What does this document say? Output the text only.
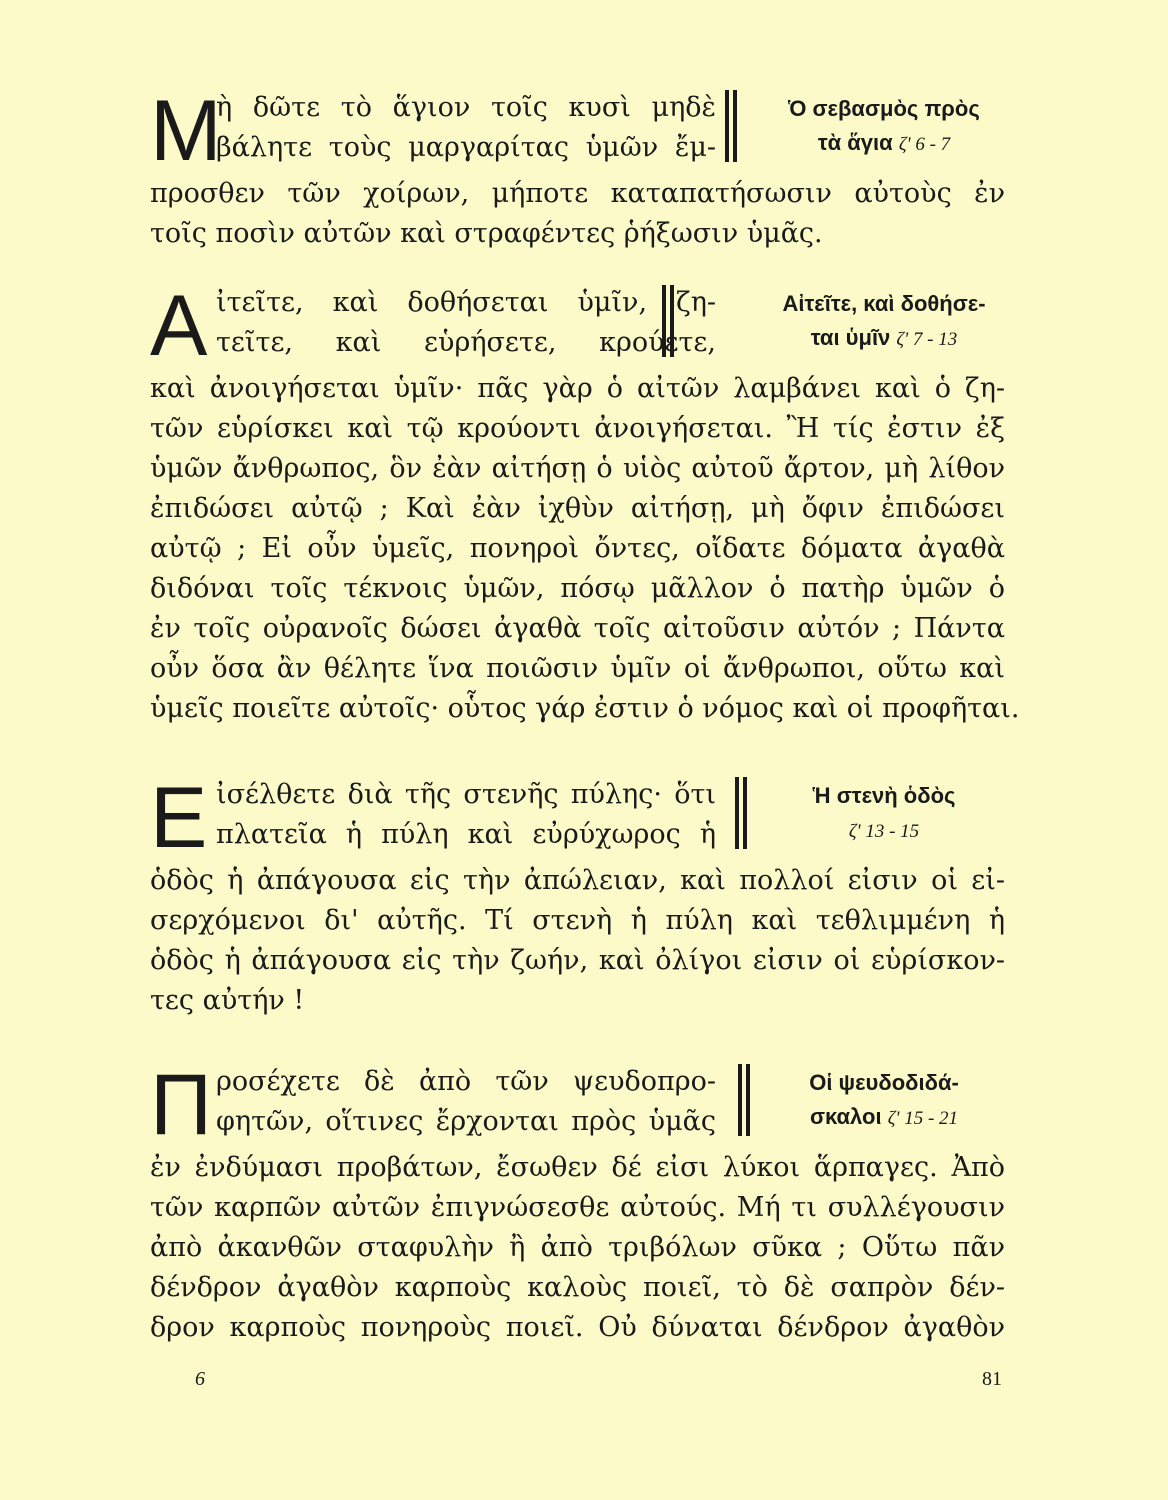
Μ
ὴ δῶτε τὸ ἅγιον τοῖς κυσὶ μηδὲ
βάλητε τοὺς μαργαρίτας ὑμῶν ἔμ-
Ὁ σεβασμὸς πρὸς
τὰ ἅγια ζ' 6 - 7
προσθεν τῶν χοίρων, μήποτε καταπατήσωσιν αὐτοὺς ἐν
τοῖς ποσὶν αὐτῶν καὶ στραφέντες ῥήξωσιν ὑμᾶς.
Α ἰτεῖτε, καὶ δοθήσεται ὑμῖν, ζη-
τεῖτε, καὶ εὑρήσετε, κρούετε,
Αἰτεῖτε, καὶ δοθήσε-
ται ὑμῖν ζ' 7 - 13
καὶ ἀνοιγήσεται ὑμῖν· πᾶς γὰρ ὁ αἰτῶν λαμβάνει καὶ ὁ ζη-
τῶν εὑρίσκει καὶ τῷ κρούοντι ἀνοιγήσεται. Ἢ τίς ἐστιν ἐξ
ὑμῶν ἄνθρωπος, ὃν ἐὰν αἰτήσῃ ὁ υἱὸς αὐτοῦ ἄρτον, μὴ λίθον
ἐπιδώσει αὐτῷ ; Καὶ ἐὰν ἰχθὺν αἰτήσῃ, μὴ ὄφιν ἐπιδώσει
αὐτῷ ; Εἰ οὖν ὑμεῖς, πονηροὶ ὄντες, οἴδατε δόματα ἀγαθὰ
διδόναι τοῖς τέκνοις ὑμῶν, πόσῳ μᾶλλον ὁ πατὴρ ὑμῶν ὁ
ἐν τοῖς οὐρανοῖς δώσει ἀγαθὰ τοῖς αἰτοῦσιν αὐτόν ; Πάντα
οὖν ὅσα ἂν θέλητε ἵνα ποιῶσιν ὑμῖν οἱ ἄνθρωποι, οὕτω καὶ
ὑμεῖς ποιεῖτε αὐτοῖς· οὗτος γάρ ἐστιν ὁ νόμος καὶ οἱ προφῆται.
Ε ἰσέλθετε διὰ τῆς στενῆς πύλης· ὅτι
πλατεῖα ἡ πύλη καὶ εὐρύχωρος ἡ
Ἡ στενὴ ὁδὸς
ζ' 13 - 15
ὁδὸς ἡ ἀπάγουσα εἰς τὴν ἀπώλειαν, καὶ πολλοί εἰσιν οἱ εἰ-
σερχόμενοι δι' αὐτῆς. Τί στενὴ ἡ πύλη καὶ τεθλιμμένη ἡ
ὁδὸς ἡ ἀπάγουσα εἰς τὴν ζωήν, καὶ ὀλίγοι εἰσιν οἱ εὑρίσκον-
τες αὐτήν !
Π ροσέχετε δὲ ἀπὸ τῶν ψευδοπρο-
φητῶν, οἵτινες ἔρχονται πρὸς ὑμᾶς
Οἱ ψευδοδιδά-
σκαλοι ζ' 15 - 21
ἐν ἐνδύμασι προβάτων, ἔσωθεν δέ εἰσι λύκοι ἅρπαγες. Ἀπὸ
τῶν καρπῶν αὐτῶν ἐπιγνώσεσθε αὐτούς. Μή τι συλλέγουσιν
ἀπὸ ἀκανθῶν σταφυλὴν ἢ ἀπὸ τριβόλων σῦκα ; Οὕτω πᾶν
δένδρον ἀγαθὸν καρποὺς καλοὺς ποιεῖ, τὸ δὲ σαπρὸν δέν-
δρον καρποὺς πονηροὺς ποιεῖ. Οὐ δύναται δένδρον ἀγαθὸν
6	81
